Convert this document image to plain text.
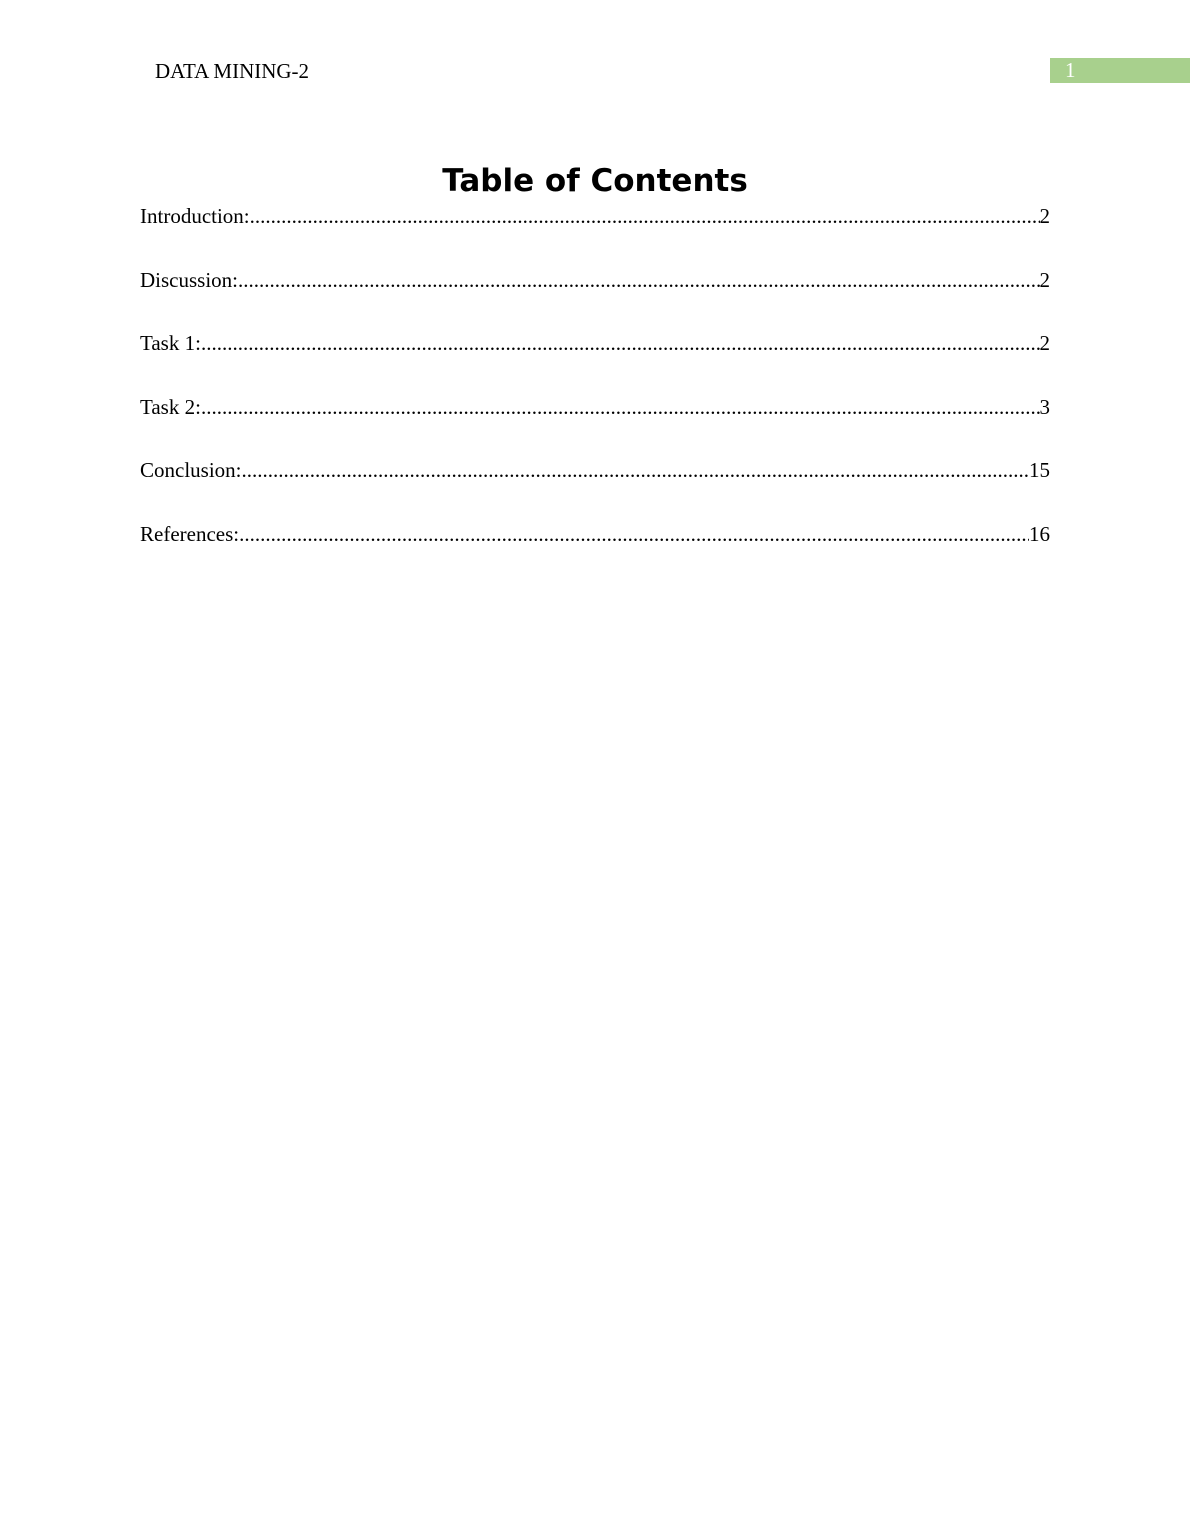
DATA MINING-2	1
Table of Contents
Introduction: .....	2
Discussion: .....	2
Task 1: .....	2
Task 2: .....	3
Conclusion: .....	15
References: .....	16
